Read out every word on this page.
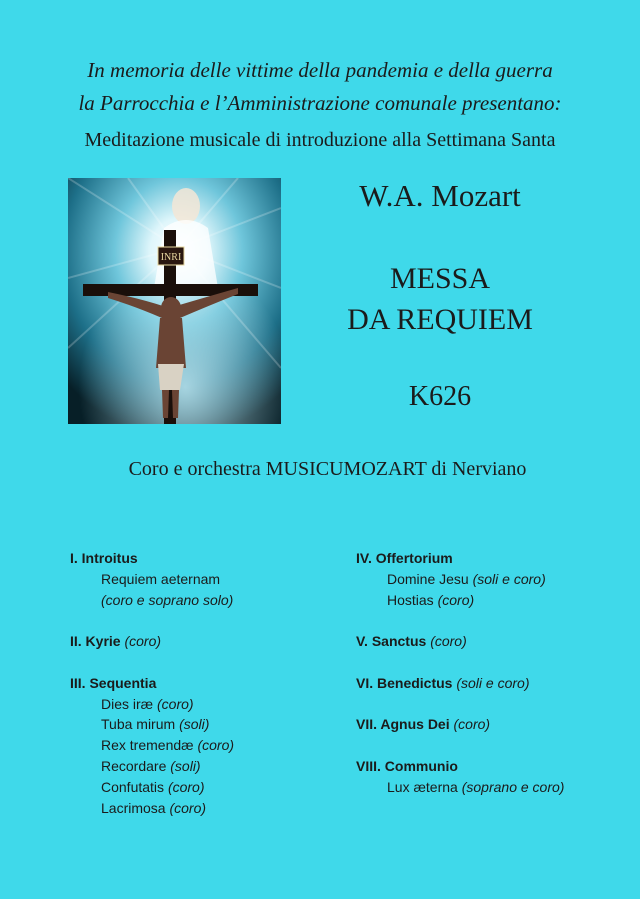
In memoria delle vittime della pandemia e della guerra
la Parrocchia e l’Amministrazione comunale presentano:
Meditazione musicale di introduzione alla Settimana Santa
INRI
W.A. Mozart
MESSA
DA REQUIEM
K626
Coro e orchestra MUSICUMOZART di Nerviano
I. Introitus
Requiem aeternam
(coro e soprano solo)
II. Kyrie (coro)
III. Sequentia
Dies iræ (coro)
Tuba mirum (soli)
Rex tremendæ (coro)
Recordare (soli)
Confutatis (coro)
Lacrimosa (coro)
IV. Offertorium
Domine Jesu (soli e coro)
Hostias (coro)
V. Sanctus (coro)
VI. Benedictus (soli e coro)
VII. Agnus Dei (coro)
VIII. Communio
Lux æterna (soprano e coro)
